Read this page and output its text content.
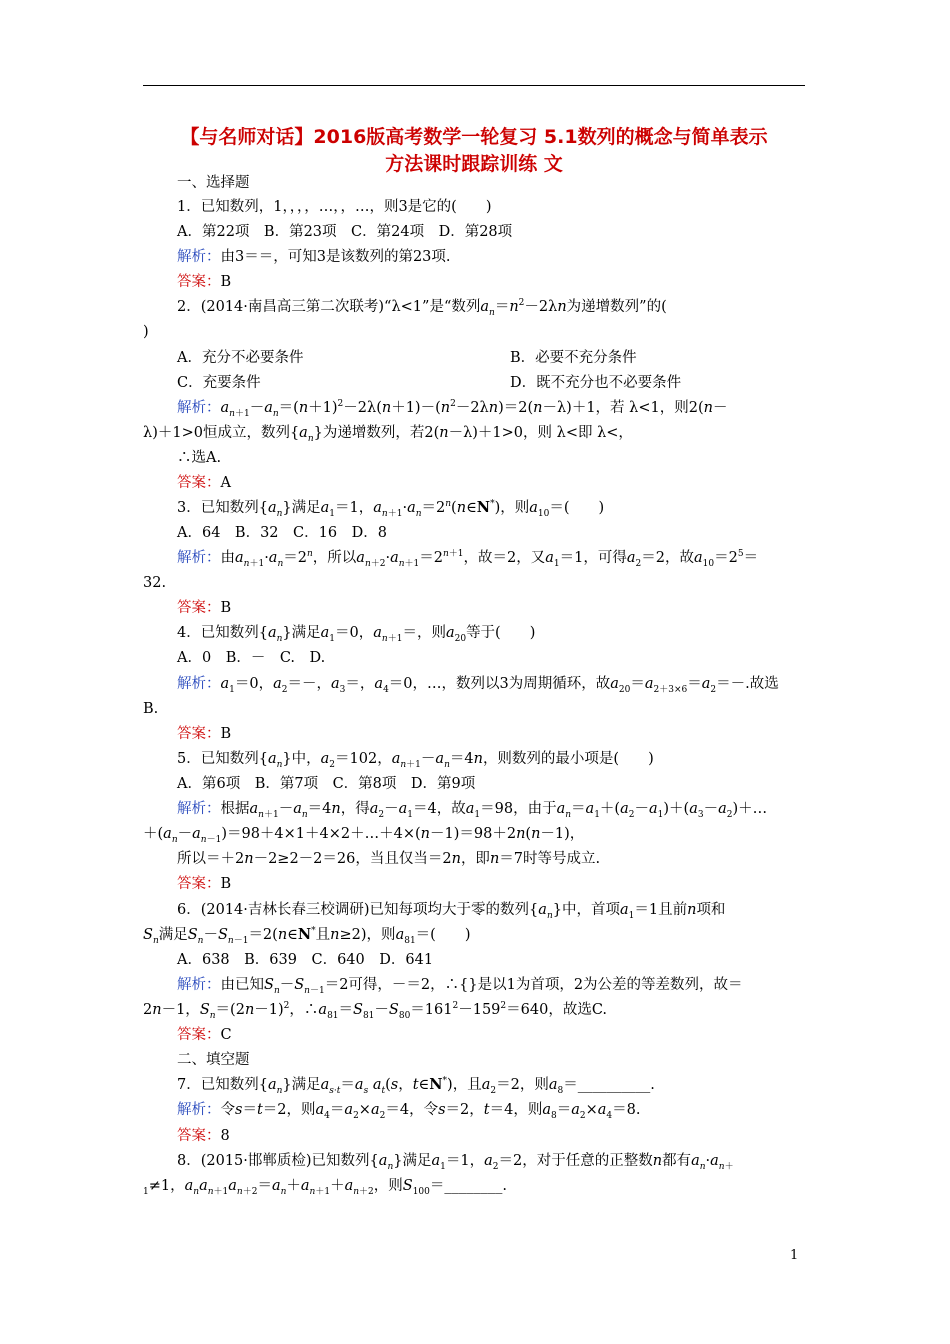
【与名师对话】2016版高考数学一轮复习 5.1数列的概念与简单表示
方法课时跟踪训练 文
一、选择题
1．已知数列，1，，，，…，，…，则3是它的(　　)
A．第22项　B．第23项　C．第24项　D．第28项
解析：由3＝＝，可知3是该数列的第23项.
答案：B
2．(2014·南昌高三第二次联考)“λ<1”是“数列$a_n=n^2-2\lambda n$为递增数列”的(
)
A．充分不必要条件	B．必要不充分条件
C．充要条件	D．既不充分也不必要条件
解析：$a_{n+1}-a_n=(n+1)^2-2\lambda(n+1)-(n^2-2\lambda n)=2(n-\lambda)+1$，若 λ<1，则2(n－
λ)＋1>0恒成立，数列$\{a_n\}$为递增数列，若2(n－λ)＋1>0，则 λ<即 λ<，
∴选A.
答案：A
3．已知数列$\{a_n\}$满足$a_1=1$，$a_{n+1}\cdot a_n=2^n(n\in N^*)$，则$a_{10}=$(　　)
A．64　B．32　C．16　D．8
解析：由$a_{n+1}\cdot a_n=2^n$，所以$a_{n+2}\cdot a_{n+1}=2^{n+1}$，故＝2，又$a_1=1$，可得$a_2=2$，故$a_{10}=2^5=$
32.
答案：B
4．已知数列$\{a_n\}$满足$a_1=0$，$a_{n+1}=$，则$a_{20}$等于(　　)
A．0　B．－　C.　D.
解析：$a_1=0$，$a_2=-$，$a_3=$，$a_4=0$，…，数列以3为周期循环，故$a_{20}=a_{2+3\times 6}=a_2=-$.故选
B.
答案：B
5．已知数列$\{a_n\}$中，$a_2=102$，$a_{n+1}-a_n=4n$，则数列的最小项是(　　)
A．第6项　B．第7项　C．第8项　D．第9项
解析：根据$a_{n+1}-a_n=4n$，得$a_2-a_1=4$，故$a_1=98$，由于$a_n=a_1+(a_2-a_1)+(a_3-a_2)+\dots$
$+(a_n-a_{n-1})=98+4\times 1+4\times 2+\dots+4\times(n-1)=98+2n(n-1)$，
所以＝＋2n－2≥2－2＝26，当且仅当＝2n，即n＝7时等号成立.
答案：B
6．(2014·吉林长春三校调研)已知每项均大于零的数列$\{a_n\}$中，首项$a_1=1$且前n项和
$S_n$满足$S_n-S_{n-1}=2(n\in N^*$且n≥2)，则$a_{81}=$(　　)
A．638　B．639　C．640　D．641
解析：由已知$S_n-S_{n-1}=2$可得，－＝2，∴{}是以1为首项，2为公差的等差数列，故＝
2n－1，$S_n=(2n-1)^2$，$\therefore a_{81}=S_{81}-S_{80}=161^2-159^2=640$，故选C.
答案：C
二、填空题
7．已知数列$\{a_n\}$满足$a_{s\cdot t}=a_s$ $a_t(s$，t∈N*)，且$a_2=2$，则$a_8=\_\_\_\_\_\_\_\_\_\_$.
解析：令s＝t＝2，则$a_4=a_2\times a_2=4$，令s＝2，t＝4，则$a_8=a_2\times a_4=8$.
答案：8
8．(2015·邯郸质检)已知数列$\{a_n\}$满足$a_1=1$，$a_2=2$，对于任意的正整数n都有$a_n\cdot a_{n+}$
$_1$≠1，$a_na_{n+1}a_{n+2}=a_n+a_{n+1}+a_{n+2}$，则$S_{100}=\_\_\_\_\_\_\_\_$.
1
